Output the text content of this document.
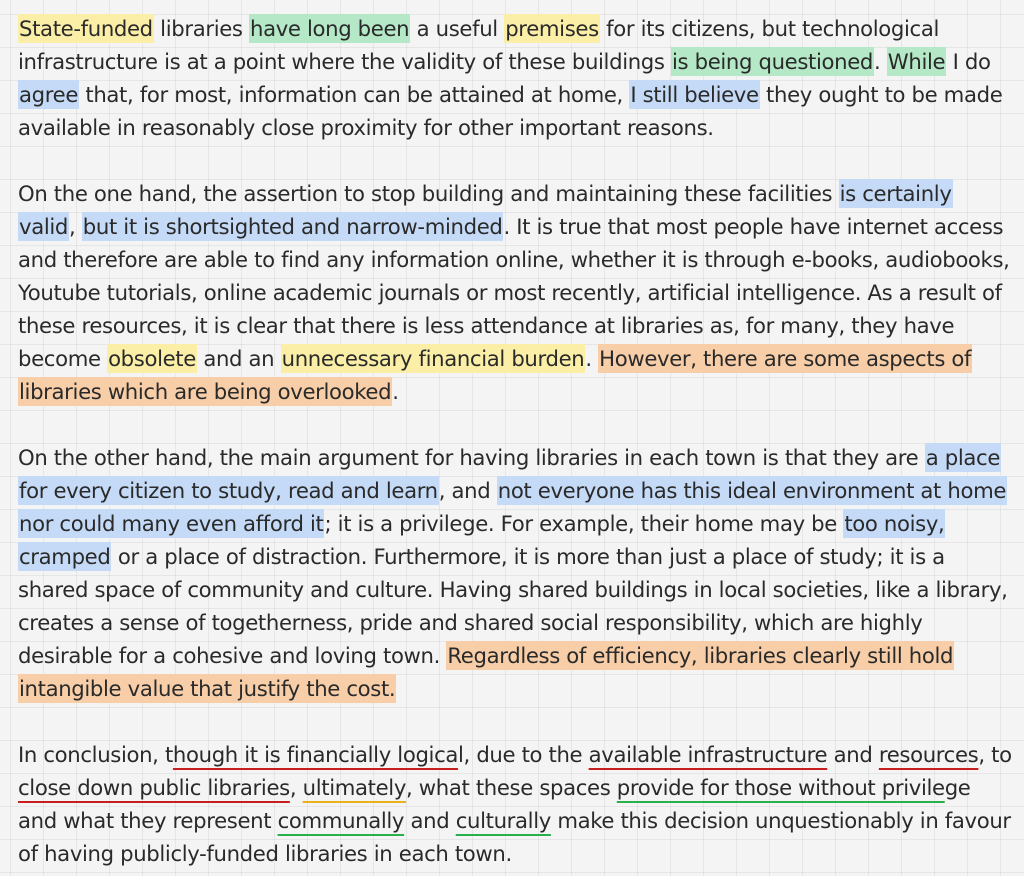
State-funded libraries have long been a useful premises for its citizens, but technological infrastructure is at a point where the validity of these buildings is being questioned. While I do agree that, for most, information can be attained at home, I still believe they ought to be made available in reasonably close proximity for other important reasons.

On the one hand, the assertion to stop building and maintaining these facilities is certainly valid, but it is shortsighted and narrow-minded. It is true that most people have internet access and therefore are able to find any information online, whether it is through e-books, audiobooks, Youtube tutorials, online academic journals or most recently, artificial intelligence. As a result of these resources, it is clear that there is less attendance at libraries as, for many, they have become obsolete and an unnecessary financial burden. However, there are some aspects of libraries which are being overlooked.

On the other hand, the main argument for having libraries in each town is that they are a place for every citizen to study, read and learn, and not everyone has this ideal environment at home nor could many even afford it; it is a privilege. For example, their home may be too noisy, cramped or a place of distraction. Furthermore, it is more than just a place of study; it is a shared space of community and culture. Having shared buildings in local societies, like a library, creates a sense of togetherness, pride and shared social responsibility, which are highly desirable for a cohesive and loving town. Regardless of efficiency, libraries clearly still hold intangible value that justify the cost.

In conclusion, though it is financially logical, due to the available infrastructure and resources, to close down public libraries, ultimately, what these spaces provide for those without privilege and what they represent communally and culturally make this decision unquestionably in favour of having publicly-funded libraries in each town.
